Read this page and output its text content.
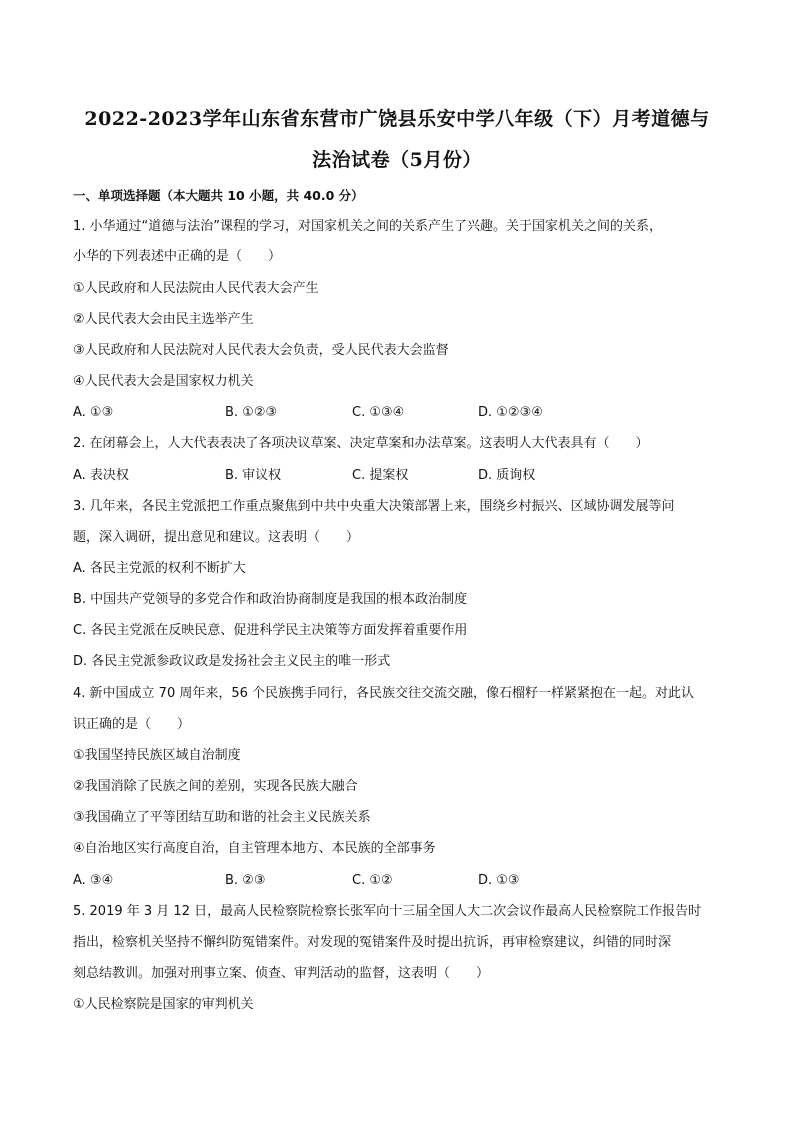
2022-2023学年山东省东营市广饶县乐安中学八年级（下）月考道德与
法治试卷（5月份）
一、单项选择题（本大题共 10 小题，共 40.0 分）
1. 小华通过“道德与法治”课程的学习，对国家机关之间的关系产生了兴趣。关于国家机关之间的关系，
小华的下列表述中正确的是（　　）
①人民政府和人民法院由人民代表大会产生
②人民代表大会由民主选举产生
③人民政府和人民法院对人民代表大会负责，受人民代表大会监督
④人民代表大会是国家权力机关
A. ①③	B. ①②③	C. ①③④	D. ①②③④
2. 在闭幕会上，人大代表表决了各项决议草案、决定草案和办法草案。这表明人大代表具有（　　）
A. 表决权	B. 审议权	C. 提案权	D. 质询权
3. 几年来，各民主党派把工作重点聚焦到中共中央重大决策部署上来，围绕乡村振兴、区域协调发展等问
题，深入调研，提出意见和建议。这表明（　　）
A. 各民主党派的权利不断扩大
B. 中国共产党领导的多党合作和政治协商制度是我国的根本政治制度
C. 各民主党派在反映民意、促进科学民主决策等方面发挥着重要作用
D. 各民主党派参政议政是发扬社会主义民主的唯一形式
4. 新中国成立 70 周年来，56 个民族携手同行，各民族交往交流交融，像石榴籽一样紧紧抱在一起。对此认
识正确的是（　　）
①我国坚持民族区域自治制度
②我国消除了民族之间的差别，实现各民族大融合
③我国确立了平等团结互助和谐的社会主义民族关系
④自治地区实行高度自治，自主管理本地方、本民族的全部事务
A. ③④	B. ②③	C. ①②	D. ①③
5. 2019 年 3 月 12 日，最高人民检察院检察长张军向十三届全国人大二次会议作最高人民检察院工作报告时
指出，检察机关坚持不懈纠防冤错案件。对发现的冤错案件及时提出抗诉，再审检察建议，纠错的同时深
刻总结教训。加强对刑事立案、侦查、审判活动的监督，这表明（　　）
①人民检察院是国家的审判机关
